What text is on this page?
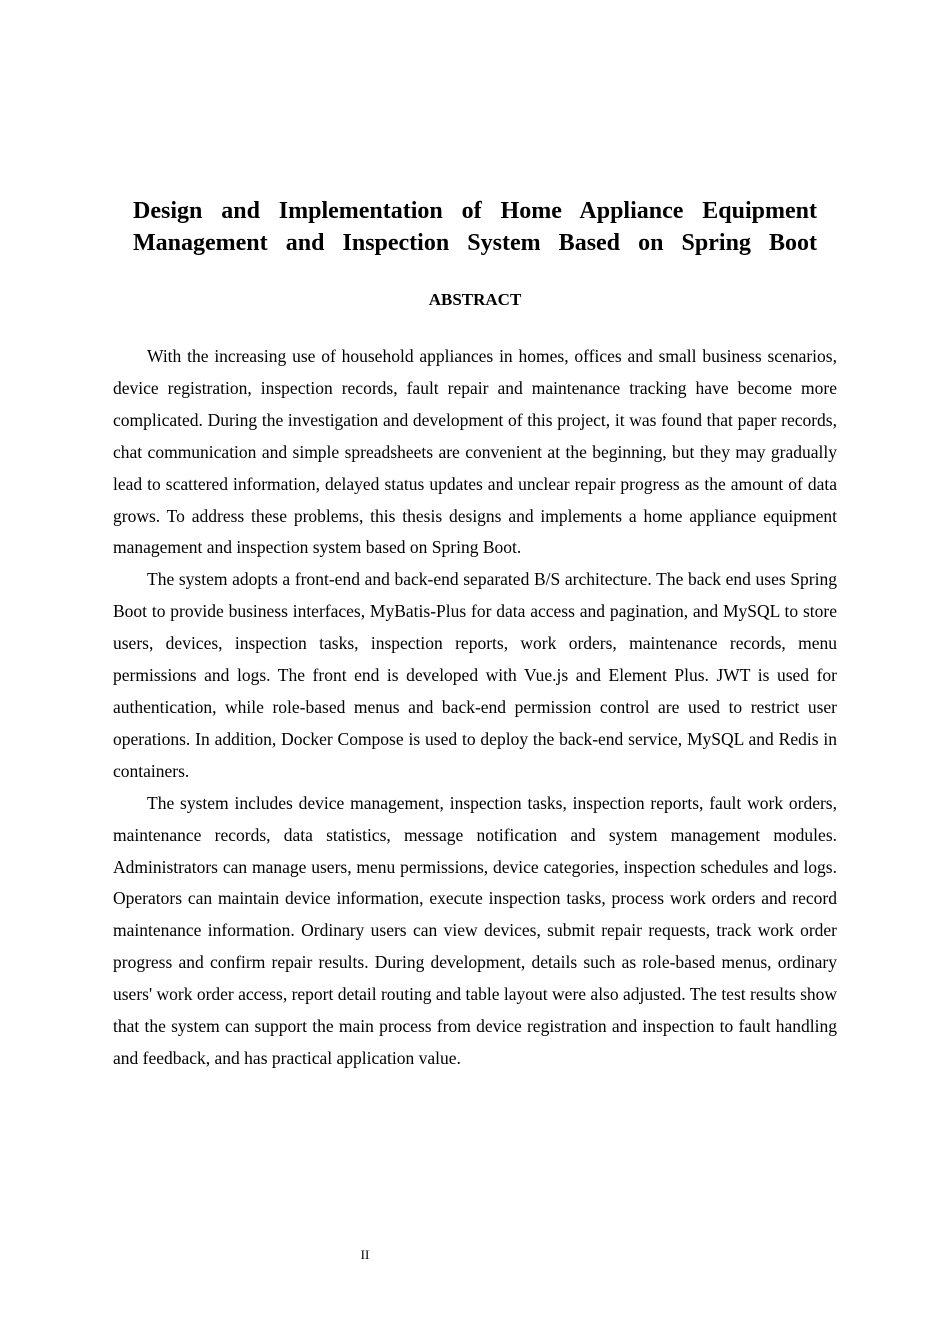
Design and Implementation of Home Appliance Equipment Management and Inspection System Based on Spring Boot
ABSTRACT

With the increasing use of household appliances in homes, offices and small business scenarios, device registration, inspection records, fault repair and maintenance tracking have become more complicated. During the investigation and development of this project, it was found that paper records, chat communication and simple spreadsheets are convenient at the beginning, but they may gradually lead to scattered information, delayed status updates and unclear repair progress as the amount of data grows. To address these problems, this thesis designs and implements a home appliance equipment management and inspection system based on Spring Boot.

The system adopts a front-end and back-end separated B/S architecture. The back end uses Spring Boot to provide business interfaces, MyBatis-Plus for data access and pagination, and MySQL to store users, devices, inspection tasks, inspection reports, work orders, maintenance records, menu permissions and logs. The front end is developed with Vue.js and Element Plus. JWT is used for authentication, while role-based menus and back-end permission control are used to restrict user operations. In addition, Docker Compose is used to deploy the back-end service, MySQL and Redis in containers.

The system includes device management, inspection tasks, inspection reports, fault work orders, maintenance records, data statistics, message notification and system management modules. Administrators can manage users, menu permissions, device categories, inspection schedules and logs. Operators can maintain device information, execute inspection tasks, process work orders and record maintenance information. Ordinary users can view devices, submit repair requests, track work order progress and confirm repair results. During development, details such as role-based menus, ordinary users' work order access, report detail routing and table layout were also adjusted. The test results show that the system can support the main process from device registration and inspection to fault handling and feedback, and has practical application value.

II
